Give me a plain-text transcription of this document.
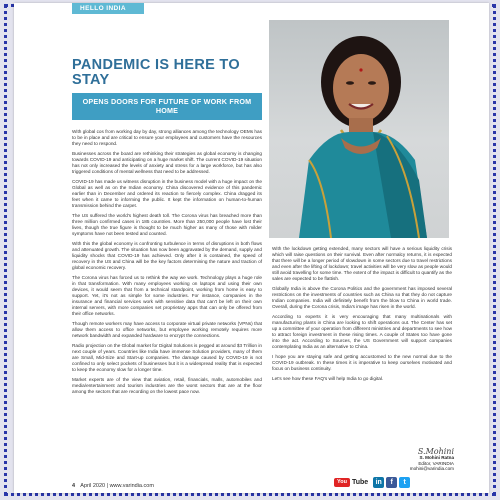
HELLO INDIA
PANDEMIC IS HERE TO STAY
OPENS DOORS FOR FUTURE OF WORK FROM HOME

With global cos from working day by day, strong alliances among the technology OEMs has to be in place and are critical to ensure your employees and customers have the resources they need to respond.

Businesses across the board are rethinking their strategies as global economy is changing towards COVID-19 and anticipating on a huge market shift. The current COVID-19 situation has not only increased the levels of anxiety and stress for a large workforce, but has also triggered conditions of mental wellness that need to be addressed.

COVID-19 has made us witness disruption in the business model with a huge impact on the Global as well as on the Indian economy. China discovered evidence of this pandemic earlier than in December and ordered its reaction to fiercely complex. China dragged its feet when it came to informing the public. It kept the information on human-to-human transmission behind the carpet.

The US suffered the world's highest death toll. The Corona virus has breached more than three million confirmed cases in 185 countries. More than 250,000 people have lost their lives, though the true figure is thought to be much higher as many of those with milder symptoms have not been tested and counted.

With this the global economy is confronting turbulence in terms of disruptions in both flows and attenuated growth. The situation has now been aggravated by the demand, supply and liquidity shocks that COVID-19 has achieved. Only after it is contained, the speed of recovery in the US and China will be the key factors determining the nature and traction of global economic recovery.

The Corona virus has forced us to rethink the way we work. Technology plays a huge role in that transformation. With many employees working on laptops and using their own devices, it would seem that from a technical standpoint, working from home is easy to support. Yet, it's not as simple for some industries. For instance, companies in the insurance and financial services work with sensitive data that can't be left on their own internal servers, with more companies set proprietary apps that can only be offered from their office networks.

Though remote workers may have access to corporate virtual private networks (VPNs) that allow them access to office networks, but employee working remotely requires more network bandwidth and expanded hardware to encrypt the connections.

Radio projection on the Global market for Digital Solutions is pegged at around $3 Trillion in next couple of years. Countries like India have immense Solution providers, many of them are Small, Mid-Size and Start-up companies. The damage caused by COVID-19 is not confined to only select pockets of businesses but it is a widespread reality that is expected to keep the economy slow for a longer time.

Market experts are of the view that aviation, retail, financials, malls, automobiles and media/entertainment and tourism industries are the worst sectors that are at the floor among the sectors that are recording on the lowest pace now.

With the lockdown getting extended, many sectors will have a serious liquidity crisis which will raise questions on their survival. Even after normalcy returns, it is expected that there will be a longer period of slowdown in some sectors due to travel restrictions and even after the lifting of lockdown; travel activities will be very slow as people would still avoid travelling for some time. The extent of the impact is difficult to quantify as the sales are expected to be flattish.

Globally India is above the Corona Politics and the government has imposed several restrictions on the investments of countries such as China so that they do not capture Indian companies. India will definitely benefit from the blow to China in world trade. Overall, during the Corona crisis, India's image has risen in the world.

According to experts it is very encouraging that many multinationals with manufacturing plants in China are looking to shift operations out. The Center has set up a committee of your operation from different ministries and departments to see how to attract foreign investment in these rising times. A couple of States too have gone into the act. According to Sources, the US Government will support companies contemplating India as an alternative to China.

I hope you are staying safe and getting accustomed to the new normal due to the COVID-19 outbreak. In these times it is imperative to keep ourselves motivated and focus on business continuity.

Let's see how these FAQ's will help India to go digital.

S.Mohini
S. Mohini Ratna
Editor, VARINDIA
mohini@varindia.com
4 April 2020 | www.varindia.com
You Tube	in	f	t
